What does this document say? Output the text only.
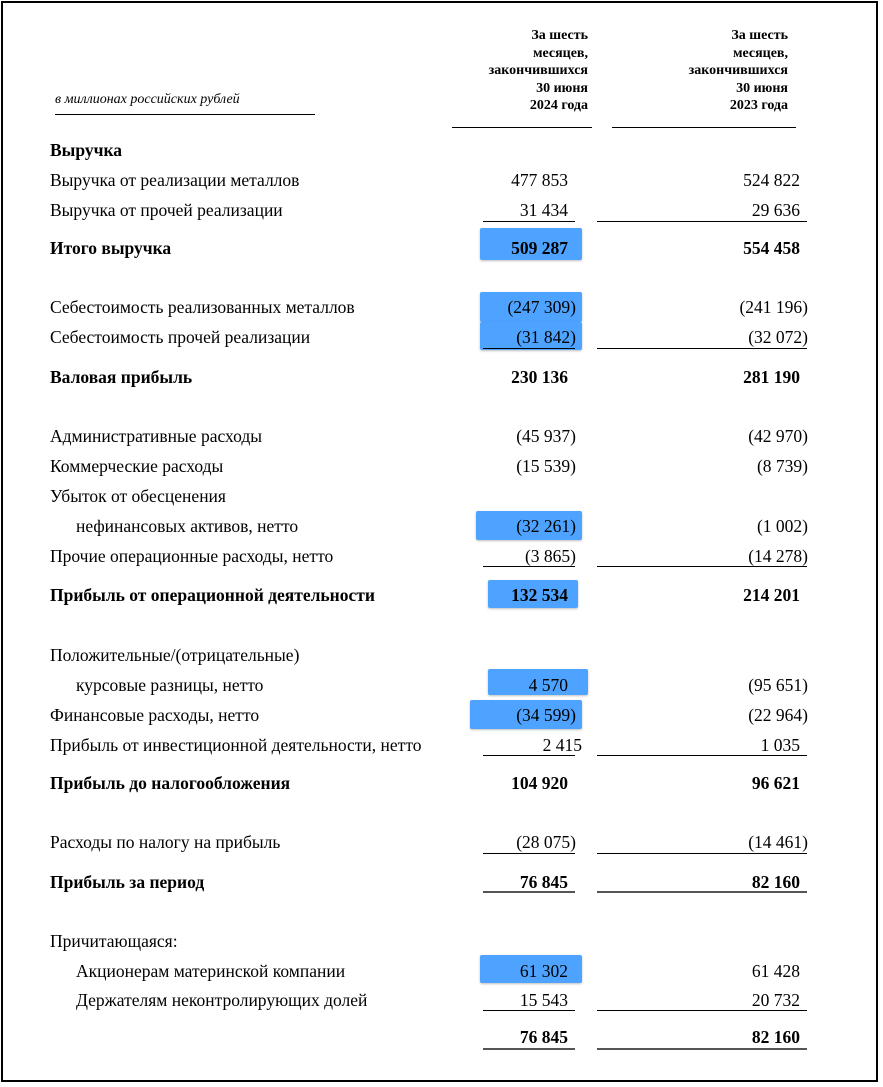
в миллионах российских рублей
За шесть
месяцев,
закончившихся
30 июня
2024 года
За шесть
месяцев,
закончившихся
30 июня
2023 года
Выручка
Выручка от реализации металлов
Выручка от прочей реализации
Итого выручка
Себестоимость реализованных металлов
Себестоимость прочей реализации
Валовая прибыль
Административные расходы
Коммерческие расходы
Убыток от обесценения
нефинансовых активов, нетто
Прочие операционные расходы, нетто
Прибыль от операционной деятельности
Положительные/(отрицательные)
курсовые разницы, нетто
Финансовые расходы, нетто
Прибыль от инвестиционной деятельности, нетто
Прибыль до налогообложения
Расходы по налогу на прибыль
Прибыль за период
Причитающаяся:
Акционерам материнской компании
Держателям неконтролирующих долей
477 853
31 434
509 287
(247 309)
(31 842)
230 136
(45 937)
(15 539)
(32 261)
(3 865)
132 534
4 570
(34 599)
2 415
104 920
(28 075)
76 845
61 302
15 543
76 845
524 822
29 636
554 458
(241 196)
(32 072)
281 190
(42 970)
(8 739)
(1 002)
(14 278)
214 201
(95 651)
(22 964)
1 035
96 621
(14 461)
82 160
61 428
20 732
82 160
